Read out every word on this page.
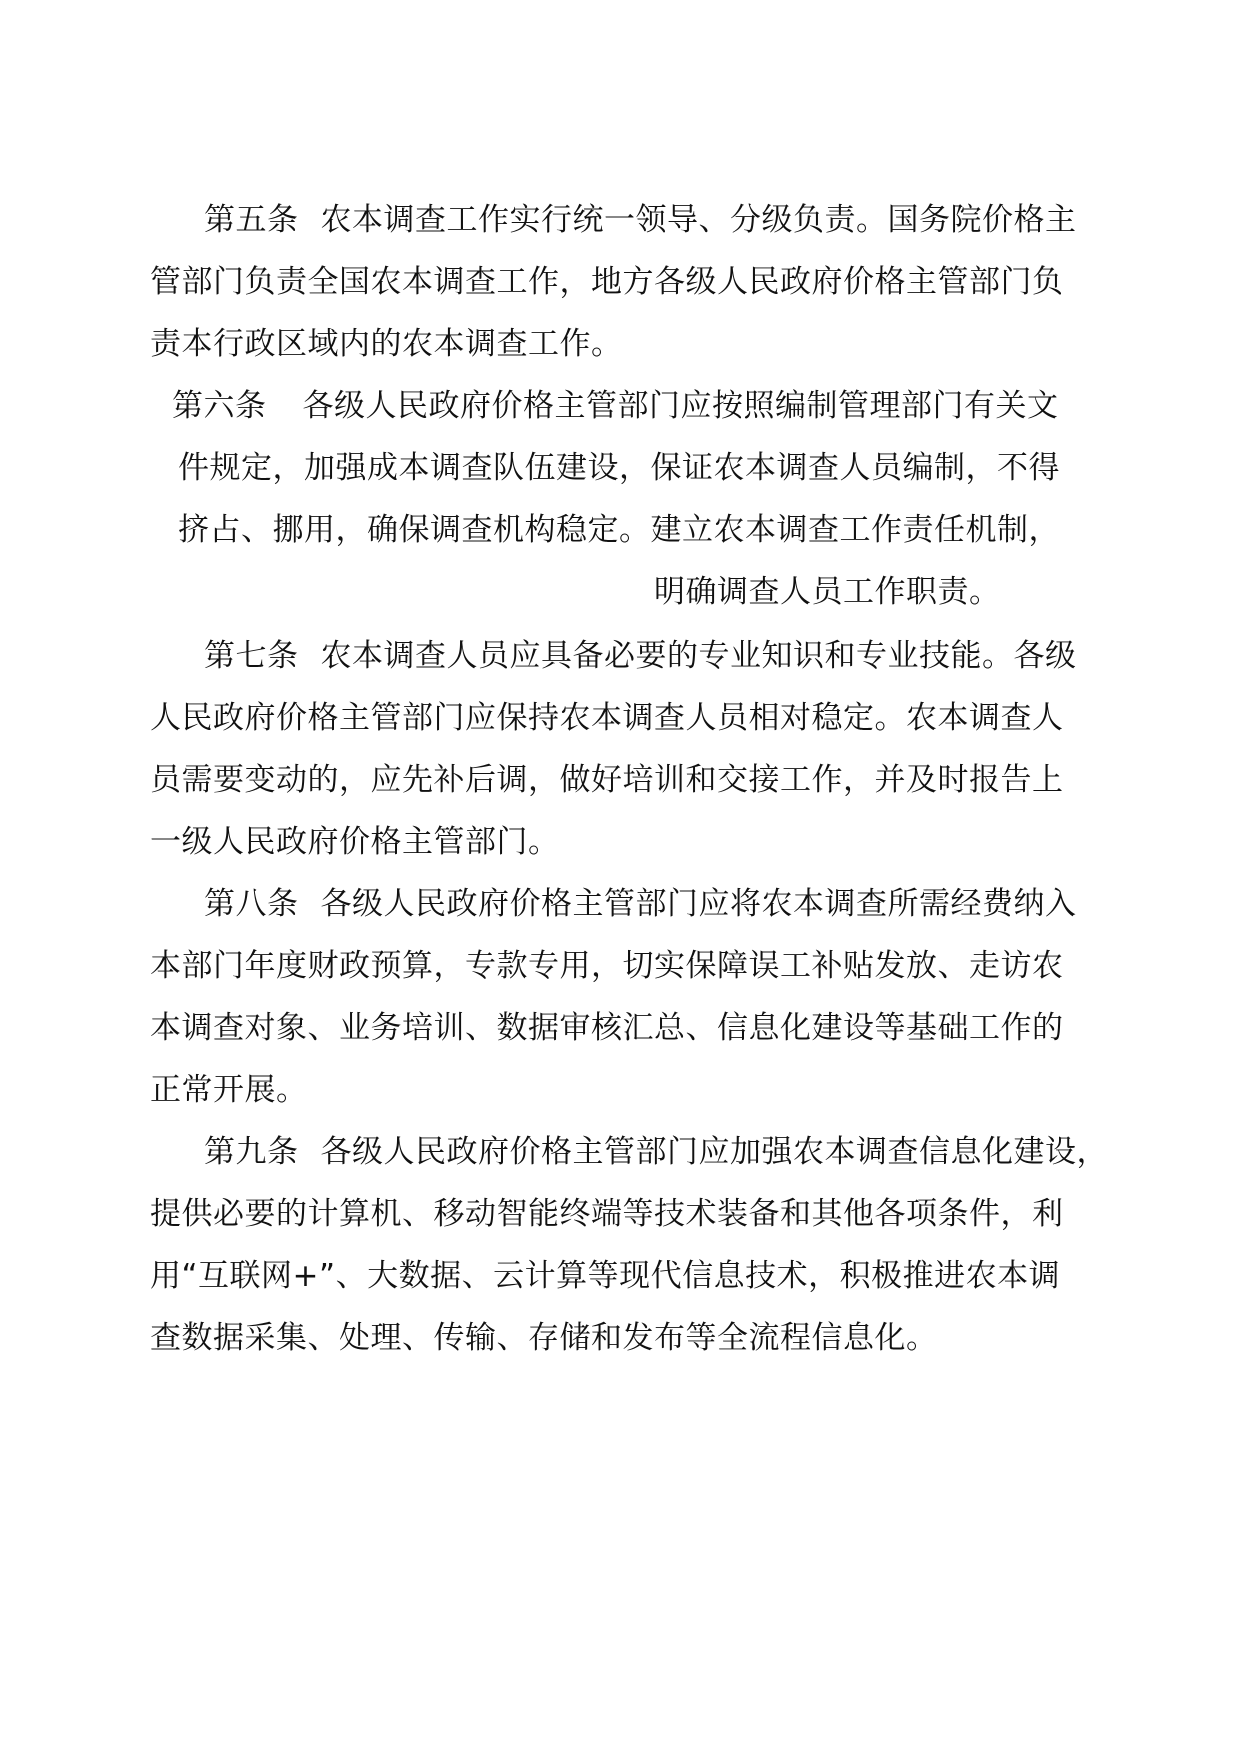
第五条 农本调查工作实行统一领导、分级负责。国务院价格主
管部门负责全国农本调查工作，地方各级人民政府价格主管部门负
责本行政区域内的农本调查工作。
第六条 各级人民政府价格主管部门应按照编制管理部门有关文
件规定，加强成本调查队伍建设，保证农本调查人员编制，不得
挤占、挪用，确保调查机构稳定。建立农本调查工作责任机制，
明确调查人员工作职责。
第七条 农本调查人员应具备必要的专业知识和专业技能。各级
人民政府价格主管部门应保持农本调查人员相对稳定。农本调查人
员需要变动的，应先补后调，做好培训和交接工作，并及时报告上
一级人民政府价格主管部门。
第八条 各级人民政府价格主管部门应将农本调查所需经费纳入
本部门年度财政预算，专款专用，切实保障误工补贴发放、走访农
本调查对象、业务培训、数据审核汇总、信息化建设等基础工作的
正常开展。
第九条 各级人民政府价格主管部门应加强农本调查信息化建设，
提供必要的计算机、移动智能终端等技术装备和其他各项条件，利
用“互联网+”、大数据、云计算等现代信息技术，积极推进农本调
查数据采集、处理、传输、存储和发布等全流程信息化。
